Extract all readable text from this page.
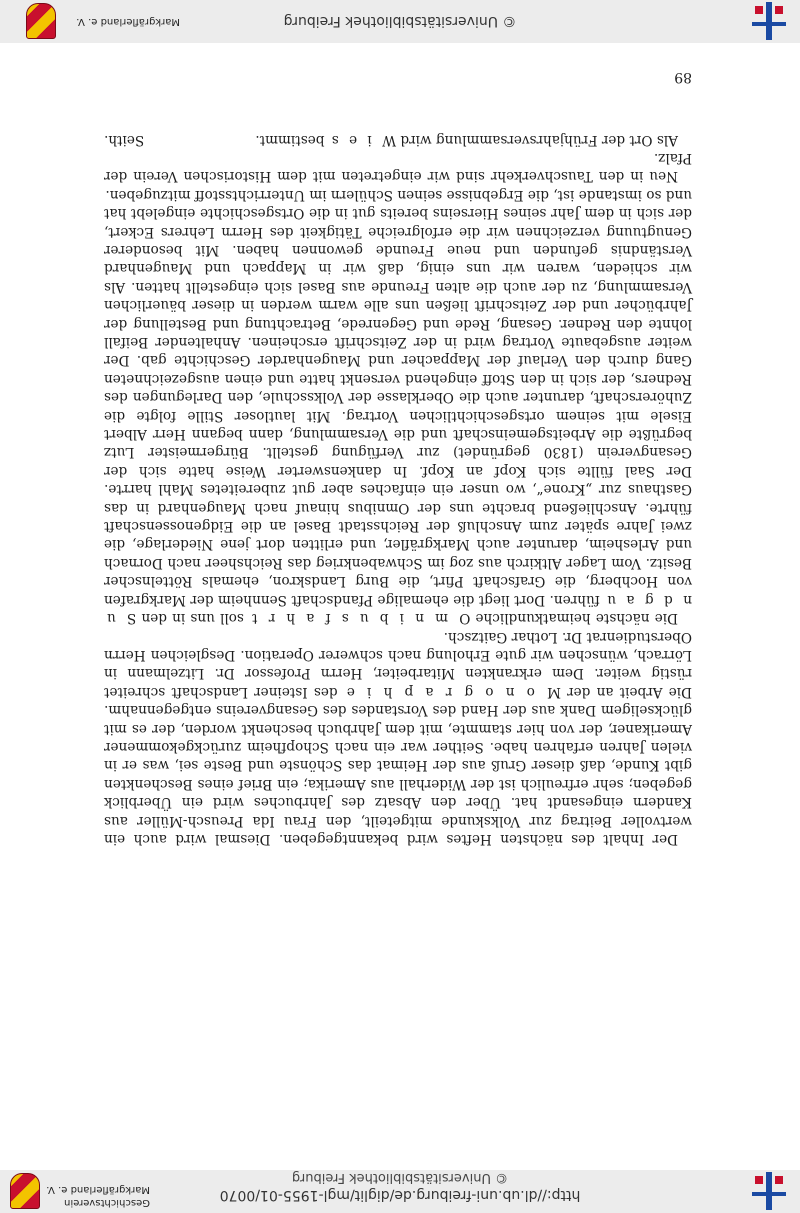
© Universitätsbibliothek Freiburg
Markgräflerland e. V.
http://dl.ub.uni-freiburg.de/diglit/mgl-1955-01/0070
© Universitätsbibliothek Freiburg
Geschichtsverein
Markgräflerland e. V.
89

Der Inhalt des nächsten Heftes wird bekanntgegeben. Diesmal wird auch ein wertvoller Beitrag zur Volkskunde mitgeteilt, den Frau Ida Preusch-Müller aus Kandern eingesandt hat. Über den Absatz des Jahrbuches wird ein Überblick gegeben; sehr erfreulich ist der Widerhall aus Amerika; ein Brief eines Beschenkten gibt Kunde, daß dieser Gruß aus der Heimat das Schönste und Beste sei, was er in vielen Jahren erfahren habe. Seither war ein nach Schopfheim zurückgekommener Amerikaner, der von hier stammte, mit dem Jahrbuch beschenkt worden, der es mit glückseligem Dank aus der Hand des Vorstandes des Gesangvereins entgegennahm. Die Arbeit an der M o n o g r a p h i e des Isteiner Landschaft schreitet rüstig weiter. Dem erkrankten Mitarbeiter, Herrn Professor Dr. Litzelmann in Lörrach, wünschen wir gute Erholung nach schwerer Operation. Desgleichen Herrn Oberstudienrat Dr. Lothar Gaitzsch.

Die nächste heimatkundliche O m n i b u s f a h r t soll uns in den S u n d g a u führen. Dort liegt die ehemalige Pfandschaft Sennheim der Markgrafen von Hochberg, die Grafschaft Pfirt, die Burg Landskron, ehemals Röttelnscher Besitz. Vom Lager Altkirch aus zog im Schwabenkrieg das Reichsheer nach Dornach und Arlesheim, darunter auch Markgräfler, und erlitten dort jene Niederlage, die zwei Jahre später zum Anschluß der Reichsstadt Basel an die Eidgenossenschaft führte. Anschließend brachte uns der Omnibus hinauf nach Maugenhard in das Gasthaus zur „Krone“, wo unser ein einfaches aber gut zubereitetes Mahl harrte. Der Saal füllte sich Kopf an Kopf. In dankenswerter Weise hatte sich der Gesangverein (1830 gegründet) zur Verfügung gestellt. Bürgermeister Lutz begrüßte die Arbeitsgemeinschaft und die Versammlung, dann begann Herr Albert Eisele mit seinem ortsgeschichtlichen Vortrag. Mit lautloser Stille folgte die Zuhörerschaft, darunter auch die Oberklasse der Volksschule, den Darlegungen des Redners, der sich in den Stoff eingehend versenkt hatte und einen ausgezeichneten Gang durch den Verlauf der Mappacher und Maugenharder Geschichte gab. Der weiter ausgebaute Vortrag wird in der Zeitschrift erscheinen. Anhaltender Beifall lohnte den Redner. Gesang, Rede und Gegenrede, Betrachtung und Bestellung der Jahrbücher und der Zeitschrift ließen uns alle warm werden in dieser bäuerlichen Versammlung, zu der auch die alten Freunde aus Basel sich eingestellt hatten. Als wir schieden, waren wir uns einig, daß wir in Mappach und Maugenhard Verständnis gefunden und neue Freunde gewonnen haben. Mit besonderer Genugtuung verzeichnen wir die erfolgreiche Tätigkeit des Herrn Lehrers Eckert, der sich in dem Jahr seines Hierseins bereits gut in die Ortsgeschichte eingelebt hat und so imstande ist, die Ergebnisse seinen Schülern im Unterrichtsstoff mitzugeben.

Neu in den Tauschverkehr sind wir eingetreten mit dem Historischen Verein der Pfalz.

Als Ort der Frühjahrsversammlung wird W i e s bestimmt.
Seith.
